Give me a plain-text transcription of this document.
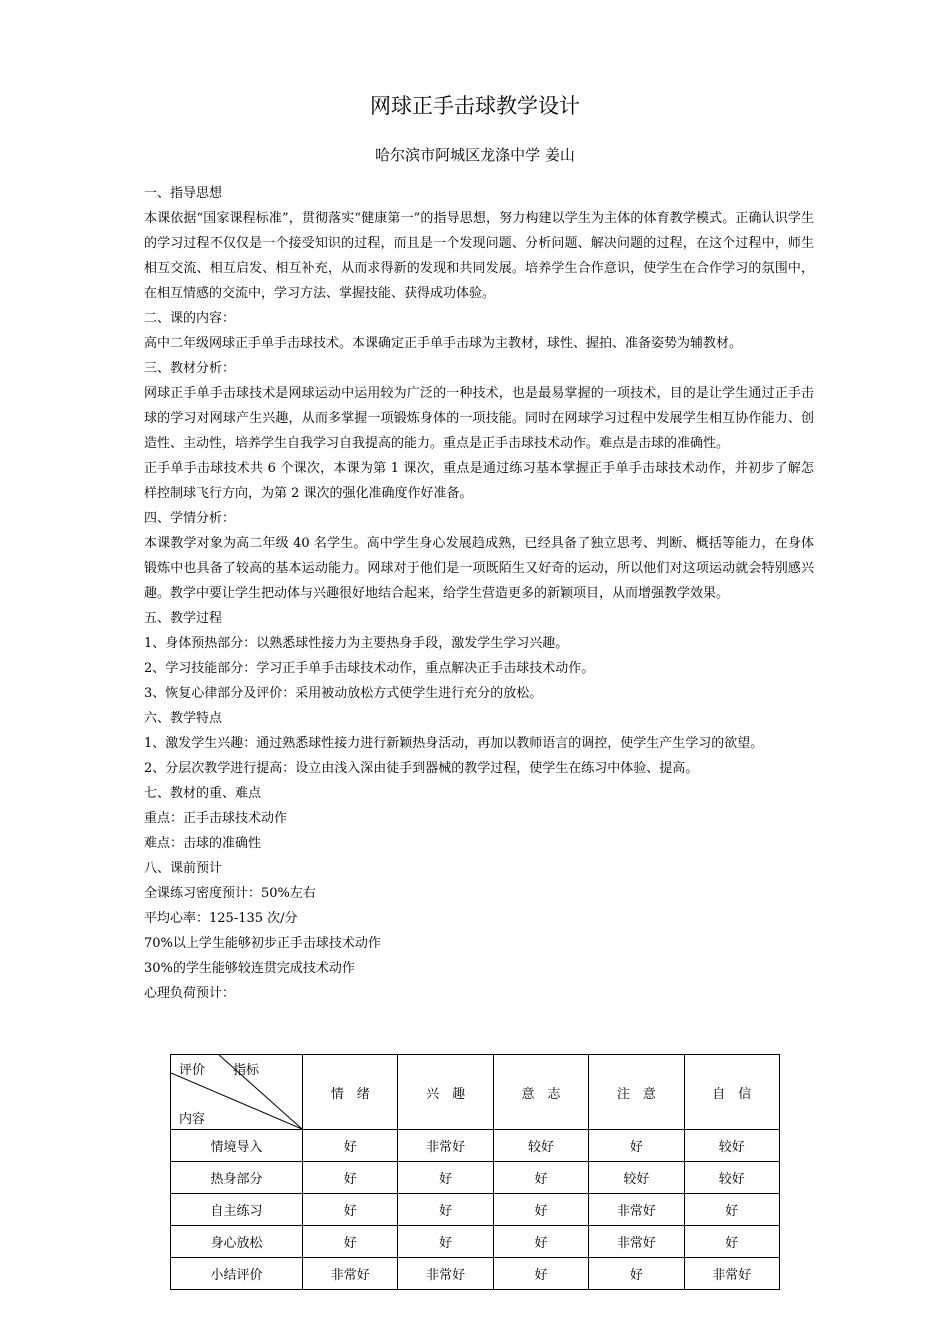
网球正手击球教学设计
哈尔滨市阿城区龙涤中学 姜山

一、指导思想

本课依据“国家课程标准”，贯彻落实“健康第一”的指导思想，努力构建以学生为主体的体育教学模式。正确认识学生的学习过程不仅仅是一个接受知识的过程，而且是一个发现问题、分析问题、解决问题的过程，在这个过程中，师生相互交流、相互启发、相互补充，从而求得新的发现和共同发展。培养学生合作意识，使学生在合作学习的氛围中，在相互情感的交流中，学习方法、掌握技能、获得成功体验。

二、课的内容：

高中二年级网球正手单手击球技术。本课确定正手单手击球为主教材，球性、握拍、准备姿势为辅教材。

三、教材分析：

网球正手单手击球技术是网球运动中运用较为广泛的一种技术，也是最易掌握的一项技术，目的是让学生通过正手击球的学习对网球产生兴趣，从而多掌握一项锻炼身体的一项技能。同时在网球学习过程中发展学生相互协作能力、创造性、主动性，培养学生自我学习自我提高的能力。重点是正手击球技术动作。难点是击球的准确性。

正手单手击球技术共 6 个课次，本课为第 1 课次，重点是通过练习基本掌握正手单手击球技术动作，并初步了解怎样控制球飞行方向，为第 2 课次的强化准确度作好准备。

四、学情分析：

本课教学对象为高二年级 40 名学生。高中学生身心发展趋成熟，已经具备了独立思考、判断、概括等能力，在身体锻炼中也具备了较高的基本运动能力。网球对于他们是一项既陌生又好奇的运动，所以他们对这项运动就会特别感兴趣。教学中要让学生把动体与兴趣很好地结合起来，给学生营造更多的新颖项目，从而增强教学效果。

五、教学过程

1、身体预热部分：以熟悉球性接力为主要热身手段，激发学生学习兴趣。

2、学习技能部分：学习正手单手击球技术动作，重点解决正手击球技术动作。

3、恢复心律部分及评价：采用被动放松方式使学生进行充分的放松。

六、教学特点

1、激发学生兴趣：通过熟悉球性接力进行新颖热身活动，再加以教师语言的调控，使学生产生学习的欲望。

2、分层次教学进行提高：设立由浅入深由徒手到器械的教学过程，使学生在练习中体验、提高。

七、教材的重、难点

重点：正手击球技术动作

难点：击球的准确性

八、课前预计

全课练习密度预计：50%左右

平均心率：125-135 次/分

70%以上学生能够初步正手击球技术动作

30%的学生能够较连贯完成技术动作

心理负荷预计：

评价 指标
内容	情　绪	兴　趣	意　志	注　意	自　信
情境导入	好	非常好	较好	好	较好
热身部分	好	好	好	较好	较好
自主练习	好	好	好	非常好	好
身心放松	好	好	好	非常好	好
小结评价	非常好	非常好	好	好	非常好
